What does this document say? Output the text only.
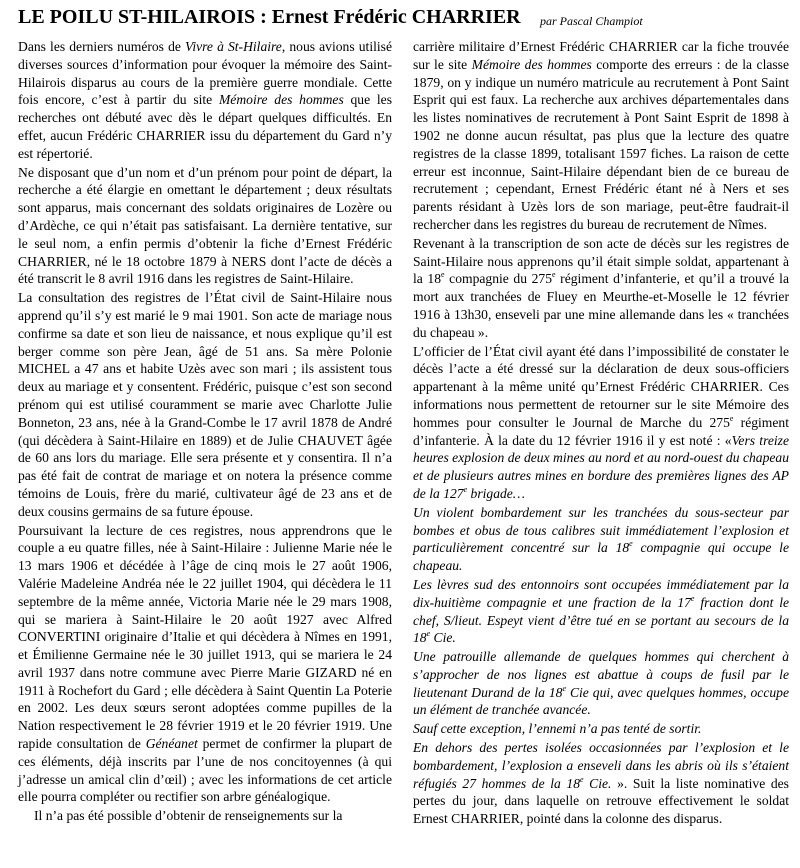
LE POILU ST-HILAIROIS : Ernest Frédéric CHARRIER par Pascal Champiot

Dans les derniers numéros de Vivre à St-Hilaire, nous avions utilisé diverses sources d’information pour évoquer la mémoire des Saint-Hilairois disparus au cours de la première guerre mondiale. Cette fois encore, c’est à partir du site Mémoire des hommes que les recherches ont débuté avec dès le départ quelques difficultés. En effet, aucun Frédéric CHARRIER issu du département du Gard n’y est répertorié.

Ne disposant que d’un nom et d’un prénom pour point de départ, la recherche a été élargie en omettant le département ; deux résultats sont apparus, mais concernant des soldats originaires de Lozère ou d’Ardèche, ce qui n’était pas satisfaisant. La dernière tentative, sur le seul nom, a enfin permis d’obtenir la fiche d’Ernest Frédéric CHARRIER, né le 18 octobre 1879 à NERS dont l’acte de décès a été transcrit le 8 avril 1916 dans les registres de Saint-Hilaire.

La consultation des registres de l’État civil de Saint-Hilaire nous apprend qu’il s’y est marié le 9 mai 1901. Son acte de mariage nous confirme sa date et son lieu de naissance, et nous explique qu’il est berger comme son père Jean, âgé de 51 ans. Sa mère Polonie MICHEL a 47 ans et habite Uzès avec son mari ; ils assistent tous deux au mariage et y consentent. Frédéric, puisque c’est son second prénom qui est utilisé couramment se marie avec Charlotte Julie Bonneton, 23 ans, née à la Grand-Combe le 17 avril 1878 de André (qui décèdera à Saint-Hilaire en 1889) et de Julie CHAUVET âgée de 60 ans lors du mariage. Elle sera présente et y consentira. Il n’a pas été fait de contrat de mariage et on notera la présence comme témoins de Louis, frère du marié, cultivateur âgé de 23 ans et de deux cousins germains de sa future épouse.

Poursuivant la lecture de ces registres, nous apprendrons que le couple a eu quatre filles, née à Saint-Hilaire : Julienne Marie née le 13 mars 1906 et décédée à l’âge de cinq mois le 27 août 1906, Valérie Madeleine Andréa née le 22 juillet 1904, qui décèdera le 11 septembre de la même année, Victoria Marie née le 29 mars 1908, qui se mariera à Saint-Hilaire le 20 août 1927 avec Alfred CONVERTINI originaire d’Italie et qui décèdera à Nîmes en 1991, et Émilienne Germaine née le 30 juillet 1913, qui se mariera le 24 avril 1937 dans notre commune avec Pierre Marie GIZARD né en 1911 à Rochefort du Gard ; elle décèdera à Saint Quentin La Poterie en 2002. Les deux sœurs seront adoptées comme pupilles de la Nation respectivement le 28 février 1919 et le 20 février 1919. Une rapide consultation de Généanet permet de confirmer la plupart de ces éléments, déjà inscrits par l’une de nos concitoyennes (à qui j’adresse un amical clin d’œil) ; avec les informations de cet article elle pourra compléter ou rectifier son arbre généalogique.

Il n’a pas été possible d’obtenir de renseignements sur la

carrière militaire d’Ernest Frédéric CHARRIER car la fiche trouvée sur le site Mémoire des hommes comporte des erreurs : de la classe 1879, on y indique un numéro matricule au recrutement à Pont Saint Esprit qui est faux. La recherche aux archives départementales dans les listes nominatives de recrutement à Pont Saint Esprit de 1898 à 1902 ne donne aucun résultat, pas plus que la lecture des quatre registres de la classe 1899, totalisant 1597 fiches. La raison de cette erreur est inconnue, Saint-Hilaire dépendant bien de ce bureau de recrutement ; cependant, Ernest Frédéric étant né à Ners et ses parents résidant à Uzès lors de son mariage, peut-être faudrait-il rechercher dans les registres du bureau de recrutement de Nîmes.

Revenant à la transcription de son acte de décès sur les registres de Saint-Hilaire nous apprenons qu’il était simple soldat, appartenant à la 18e compagnie du 275e régiment d’infanterie, et qu’il a trouvé la mort aux tranchées de Fluey en Meurthe-et-Moselle le 12 février 1916 à 13h30, enseveli par une mine allemande dans les « tranchées du chapeau ».

L’officier de l’État civil ayant été dans l’impossibilité de constater le décès l’acte a été dressé sur la déclaration de deux sous-officiers appartenant à la même unité qu’Ernest Frédéric CHARRIER. Ces informations nous permettent de retourner sur le site Mémoire des hommes pour consulter le Journal de Marche du 275e régiment d’infanterie. À la date du 12 février 1916 il y est noté : «Vers treize heures explosion de deux mines au nord et au nord-ouest du chapeau et de plusieurs autres mines en bordure des premières lignes des AP de la 127e brigade…

Un violent bombardement sur les tranchées du sous-secteur par bombes et obus de tous calibres suit immédiatement l’explosion et particulièrement concentré sur la 18e compagnie qui occupe le chapeau.

Les lèvres sud des entonnoirs sont occupées immédiatement par la dix-huitième compagnie et une fraction de la 17e fraction dont le chef, S/lieut. Espeyt vient d’être tué en se portant au secours de la 18e Cie.

Une patrouille allemande de quelques hommes qui cherchent à s’approcher de nos lignes est abattue à coups de fusil par le lieutenant Durand de la 18e Cie qui, avec quelques hommes, occupe un élément de tranchée avancée.

Sauf cette exception, l’ennemi n’a pas tenté de sortir.

En dehors des pertes isolées occasionnées par l’explosion et le bombardement, l’explosion a enseveli dans les abris où ils s’étaient réfugiés 27 hommes de la 18e Cie. ». Suit la liste nominative des pertes du jour, dans laquelle on retrouve effectivement le soldat Ernest CHARRIER, pointé dans la colonne des disparus.
